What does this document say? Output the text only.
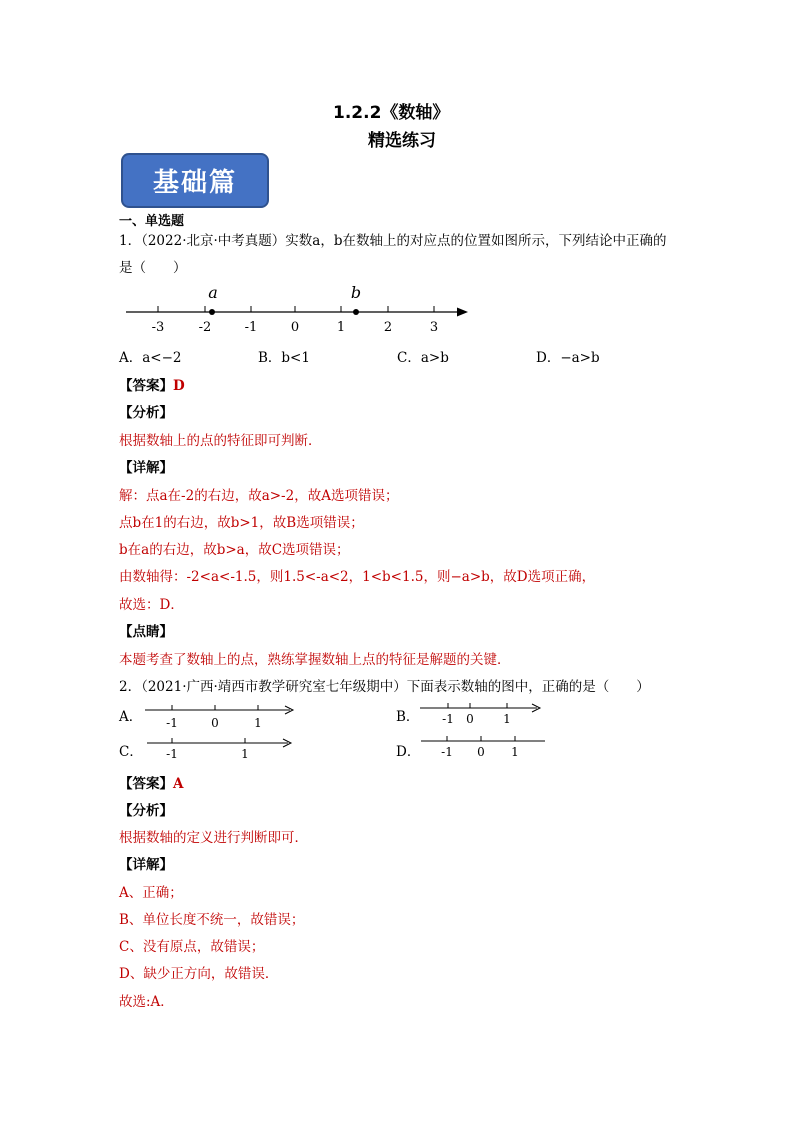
1.2.2《数轴》
精选练习
基础篇
一、单选题
1．（2022·北京·中考真题）实数a，b在数轴上的对应点的位置如图所示，下列结论中正确的
是（　　）
-3	-2	-1	0	1	2	3
a	b
A．a<−2	B．b<1	C．a>b	D．−a>b
【答案】D
【分析】
根据数轴上的点的特征即可判断．
【详解】
解：点a在-2的右边，故a>-2，故A选项错误；
点b在1的右边，故b>1，故B选项错误；
b在a的右边，故b>a，故C选项错误；
由数轴得：-2<a<-1.5，则1.5<-a<2，1<b<1.5，则−a>b，故D选项正确，
故选：D．
【点睛】
本题考查了数轴上的点，熟练掌握数轴上点的特征是解题的关键．
2．（2021·广西·靖西市教学研究室七年级期中）下面表示数轴的图中，正确的是（　　）
A． -1	0	1	B． -1 0 1
C． -1	1	D． -1 0 1
【答案】A
【分析】
根据数轴的定义进行判断即可．
【详解】
A、正确；
B、单位长度不统一，故错误；
C、没有原点，故错误；
D、缺少正方向，故错误．
故选:A．
